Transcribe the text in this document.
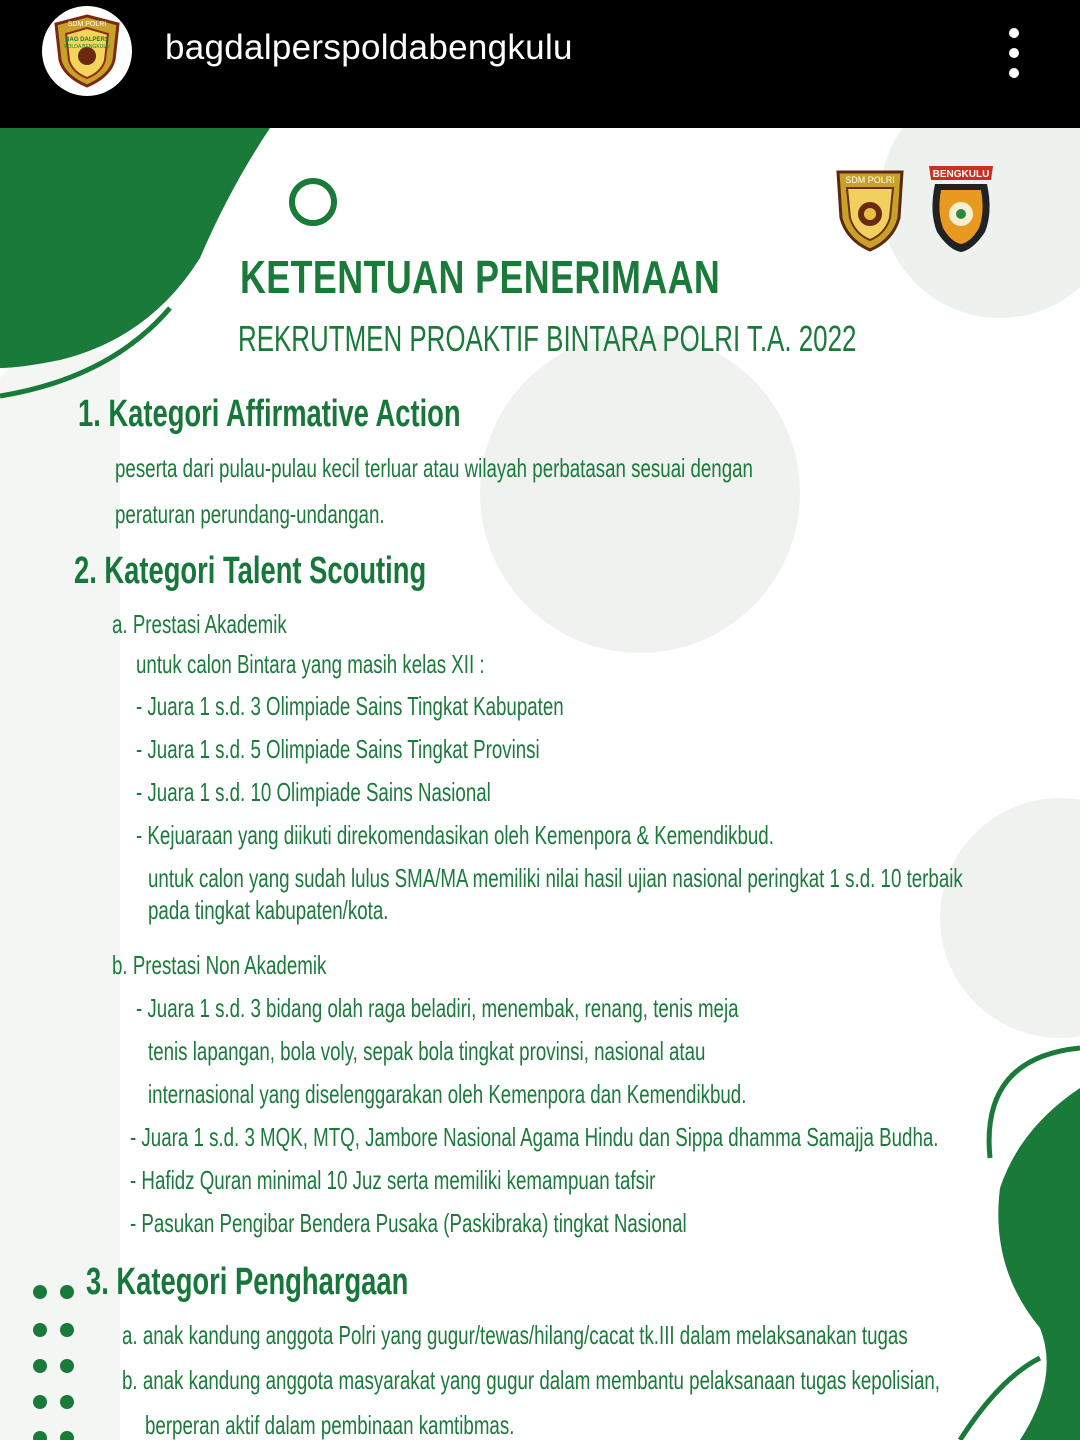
SDM POLRI
BAG DALPERS
POLDA BENGKULU bagdalperspoldabengkulu
SDM POLRI	BENGKULU
KETENTUAN PENERIMAAN
REKRUTMEN PROAKTIF BINTARA POLRI T.A. 2022
1. Kategori Affirmative Action
peserta dari pulau-pulau kecil terluar atau wilayah perbatasan sesuai dengan
peraturan perundang-undangan.
2. Kategori Talent Scouting
a. Prestasi Akademik
untuk calon Bintara yang masih kelas XII :
- Juara 1 s.d. 3 Olimpiade Sains Tingkat Kabupaten
- Juara 1 s.d. 5 Olimpiade Sains Tingkat Provinsi
- Juara 1 s.d. 10 Olimpiade Sains Nasional
- Kejuaraan yang diikuti direkomendasikan oleh Kemenpora & Kemendikbud.
untuk calon yang sudah lulus SMA/MA memiliki nilai hasil ujian nasional peringkat 1 s.d. 10 terbaik
pada tingkat kabupaten/kota.
b. Prestasi Non Akademik
- Juara 1 s.d. 3 bidang olah raga beladiri, menembak, renang, tenis meja
tenis lapangan, bola voly, sepak bola tingkat provinsi, nasional atau
internasional yang diselenggarakan oleh Kemenpora dan Kemendikbud.
- Juara 1 s.d. 3 MQK, MTQ, Jambore Nasional Agama Hindu dan Sippa dhamma Samajja Budha.
- Hafidz Quran minimal 10 Juz serta memiliki kemampuan tafsir
- Pasukan Pengibar Bendera Pusaka (Paskibraka) tingkat Nasional
3. Kategori Penghargaan
a. anak kandung anggota Polri yang gugur/tewas/hilang/cacat tk.III dalam melaksanakan tugas
b. anak kandung anggota masyarakat yang gugur dalam membantu pelaksanaan tugas kepolisian,
berperan aktif dalam pembinaan kamtibmas.
